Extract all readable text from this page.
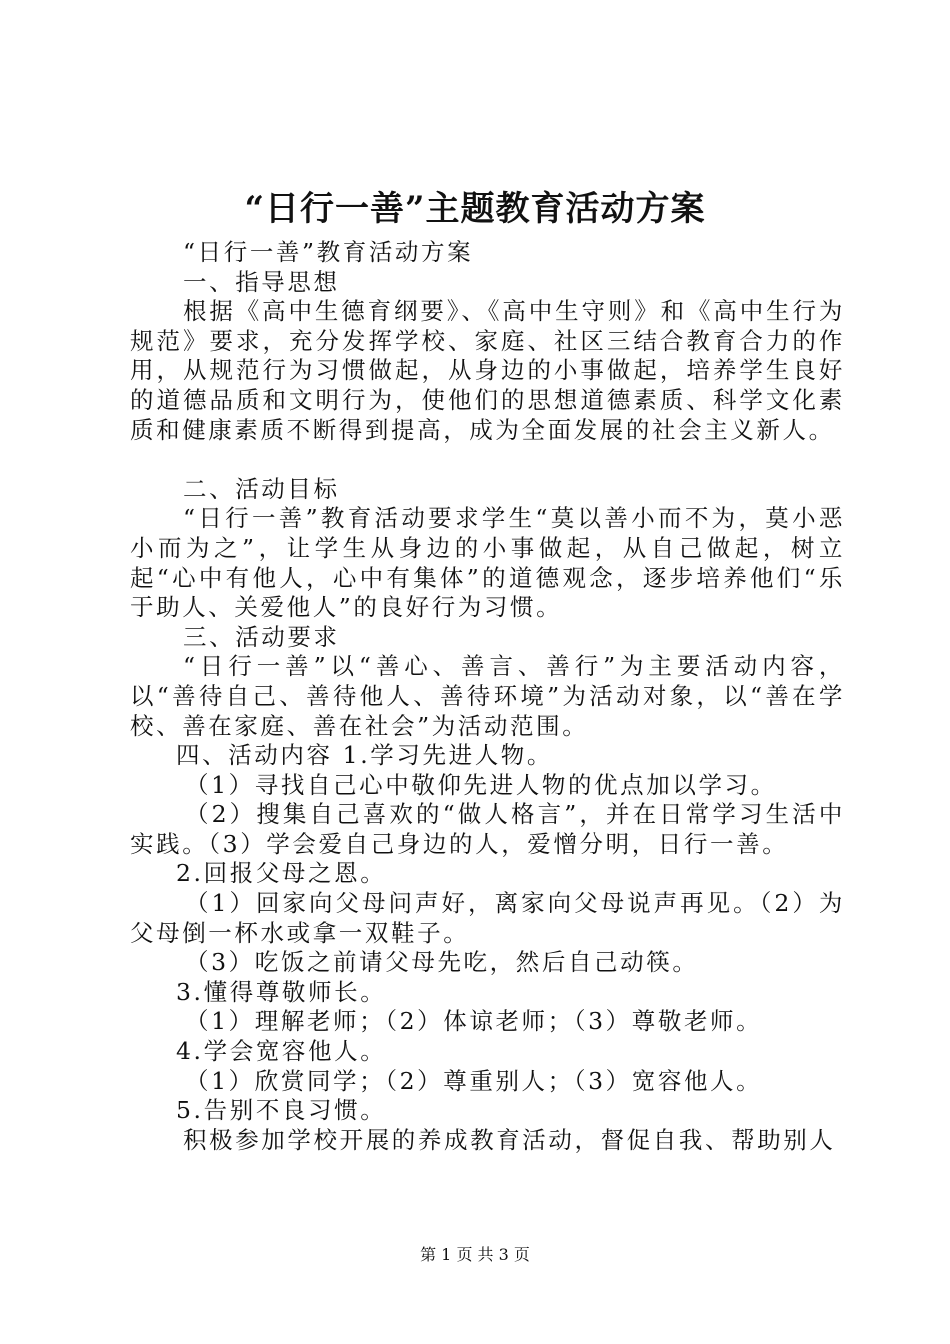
“日行一善”主题教育活动方案

“日行一善”教育活动方案

一、指导思想

根据《高中生德育纲要》、《高中生守则》和《高中生行为规范》要求，充分发挥学校、家庭、社区三结合教育合力的作用，从规范行为习惯做起，从身边的小事做起，培养学生良好的道德品质和文明行为，使他们的思想道德素质、科学文化素质和健康素质不断得到提高，成为全面发展的社会主义新人。

二、活动目标

“日行一善”教育活动要求学生“莫以善小而不为，莫小恶小而为之”，让学生从身边的小事做起，从自己做起，树立起“心中有他人，心中有集体”的道德观念，逐步培养他们“乐于助人、关爱他人”的良好行为习惯。

三、活动要求

“日行一善”以“善心、善言、善行”为主要活动内容，以“善待自己、善待他人、善待环境”为活动对象，以“善在学校、善在家庭、善在社会”为活动范围。

四、活动内容 1.学习先进人物。

（1）寻找自己心中敬仰先进人物的优点加以学习。

（2）搜集自己喜欢的“做人格言”，并在日常学习生活中实践。（3）学会爱自己身边的人，爱憎分明，日行一善。

2.回报父母之恩。

（1）回家向父母问声好，离家向父母说声再见。（2）为父母倒一杯水或拿一双鞋子。

（3）吃饭之前请父母先吃，然后自己动筷。

3.懂得尊敬师长。

（1）理解老师；（2）体谅老师；（3）尊敬老师。

4.学会宽容他人。

（1）欣赏同学；（2）尊重别人；（3）宽容他人。

5.告别不良习惯。

积极参加学校开展的养成教育活动，督促自我、帮助别人

第 1 页 共 3 页
